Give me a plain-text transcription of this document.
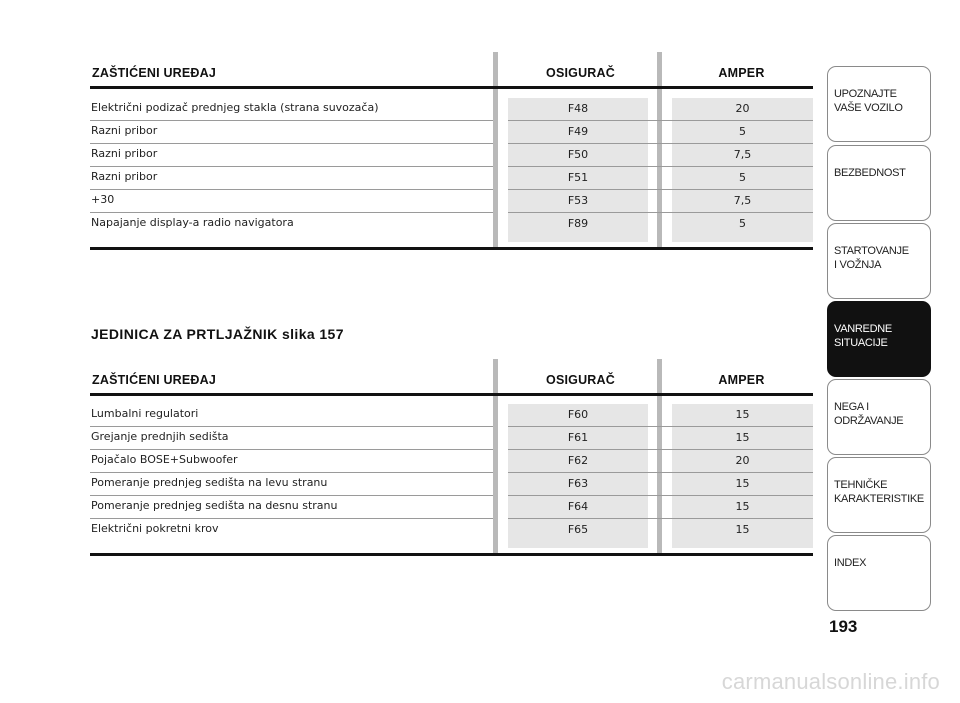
ZAŠTIĆENI UREĐAJ	OSIGURAČ	AMPER
Električni podizač prednjeg stakla (strana suvozača)	F48	20
Razni pribor	F49	5
Razni pribor	F50	7,5
Razni pribor	F51	5
+30	F53	7,5
Napajanje display-a radio navigatora	F89	5
JEDINICA ZA PRTLJAŽNIK slika 157
ZAŠTIĆENI UREĐAJ	OSIGURAČ	AMPER
Lumbalni regulatori	F60	15
Grejanje prednjih sedišta	F61	15
Pojačalo BOSE+Subwoofer	F62	20
Pomeranje prednjeg sedišta na levu stranu	F63	15
Pomeranje prednjeg sedišta na desnu stranu	F64	15
Električni pokretni krov	F65	15
UPOZNAJTE
VAŠE VOZILO
BEZBEDNOST
STARTOVANJE
I VOŽNJA
VANREDNE
SITUACIJE
NEGA I
ODRŽAVANJE
TEHNIČKE
KARAKTERISTIKE
INDEX
193
carmanualsonline.info
